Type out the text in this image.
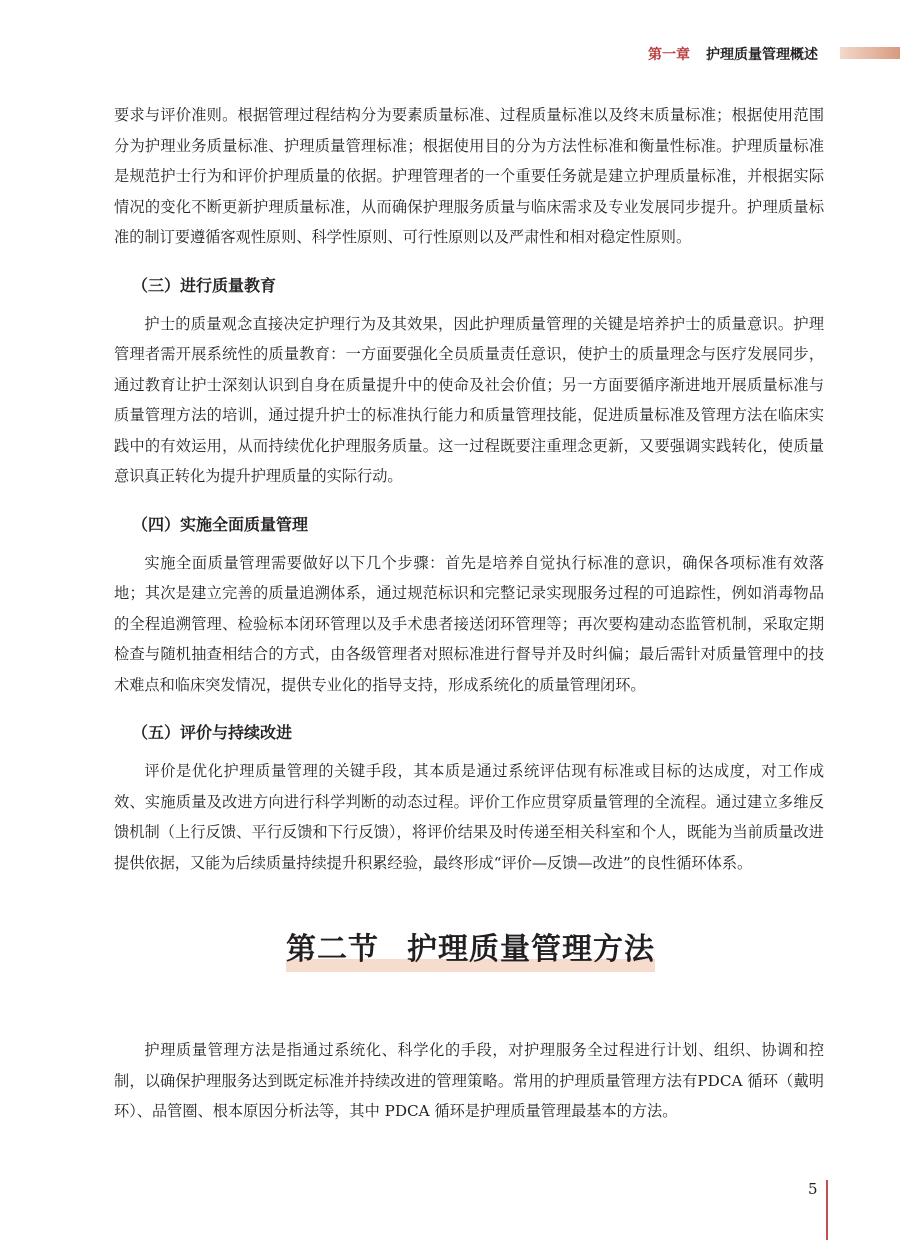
第一章 护理质量管理概述

要求与评价准则。根据管理过程结构分为要素质量标准、过程质量标准以及终末质量标准；根据使用范围分为护理业务质量标准、护理质量管理标准；根据使用目的分为方法性标准和衡量性标准。护理质量标准是规范护士行为和评价护理质量的依据。护理管理者的一个重要任务就是建立护理质量标准，并根据实际情况的变化不断更新护理质量标准，从而确保护理服务质量与临床需求及专业发展同步提升。护理质量标准的制订要遵循客观性原则、科学性原则、可行性原则以及严肃性和相对稳定性原则。

（三）进行质量教育

护士的质量观念直接决定护理行为及其效果，因此护理质量管理的关键是培养护士的质量意识。护理管理者需开展系统性的质量教育：一方面要强化全员质量责任意识，使护士的质量理念与医疗发展同步，通过教育让护士深刻认识到自身在质量提升中的使命及社会价值；另一方面要循序渐进地开展质量标准与质量管理方法的培训，通过提升护士的标准执行能力和质量管理技能，促进质量标准及管理方法在临床实践中的有效运用，从而持续优化护理服务质量。这一过程既要注重理念更新，又要强调实践转化，使质量意识真正转化为提升护理质量的实际行动。

（四）实施全面质量管理

实施全面质量管理需要做好以下几个步骤：首先是培养自觉执行标准的意识，确保各项标准有效落地；其次是建立完善的质量追溯体系，通过规范标识和完整记录实现服务过程的可追踪性，例如消毒物品的全程追溯管理、检验标本闭环管理以及手术患者接送闭环管理等；再次要构建动态监管机制，采取定期检查与随机抽查相结合的方式，由各级管理者对照标准进行督导并及时纠偏；最后需针对质量管理中的技术难点和临床突发情况，提供专业化的指导支持，形成系统化的质量管理闭环。

（五）评价与持续改进

评价是优化护理质量管理的关键手段，其本质是通过系统评估现有标准或目标的达成度，对工作成效、实施质量及改进方向进行科学判断的动态过程。评价工作应贯穿质量管理的全流程。通过建立多维反馈机制（上行反馈、平行反馈和下行反馈），将评价结果及时传递至相关科室和个人，既能为当前质量改进提供依据，又能为后续质量持续提升积累经验，最终形成“评价—反馈—改进”的良性循环体系。

第二节 护理质量管理方法

护理质量管理方法是指通过系统化、科学化的手段，对护理服务全过程进行计划、组织、协调和控制，以确保护理服务达到既定标准并持续改进的管理策略。常用的护理质量管理方法有PDCA 循环（戴明环）、品管圈、根本原因分析法等，其中 PDCA 循环是护理质量管理最基本的方法。

5
